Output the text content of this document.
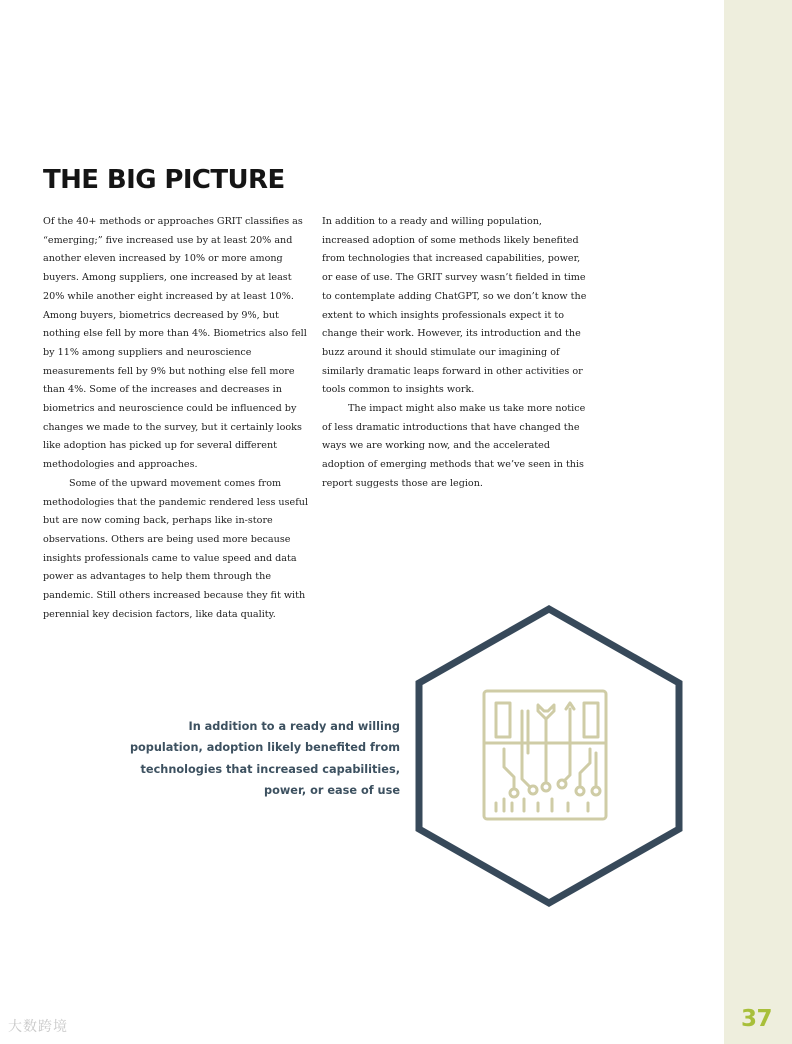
THE BIG PICTURE

Of the 40+ methods or approaches GRIT classifies as “emerging;” five increased use by at least 20% and another eleven increased by 10% or more among buyers. Among suppliers, one increased by at least 20% while another eight increased by at least 10%. Among buyers, biometrics decreased by 9%, but nothing else fell by more than 4%. Biometrics also fell by 11% among suppliers and neuroscience measurements fell by 9% but nothing else fell more than 4%. Some of the increases and decreases in biometrics and neuroscience could be influenced by changes we made to the survey, but it certainly looks like adoption has picked up for several different methodologies and approaches.

Some of the upward movement comes from methodologies that the pandemic rendered less useful but are now coming back, perhaps like in-store observations. Others are being used more because insights professionals came to value speed and data power as advantages to help them through the pandemic. Still others increased because they fit with perennial key decision factors, like data quality.

In addition to a ready and willing population, increased adoption of some methods likely benefited from technologies that increased capabilities, power, or ease of use. The GRIT survey wasn’t fielded in time to contemplate adding ChatGPT, so we don’t know the extent to which insights professionals expect it to change their work. However, its introduction and the buzz around it should stimulate our imagining of similarly dramatic leaps forward in other activities or tools common to insights work.

The impact might also make us take more notice of less dramatic introductions that have changed the ways we are working now, and the accelerated adoption of emerging methods that we’ve seen in this report suggests those are legion.

In addition to a ready and willing population, adoption likely benefited from technologies that increased capabilities, power, or ease of use

37
大数跨境
